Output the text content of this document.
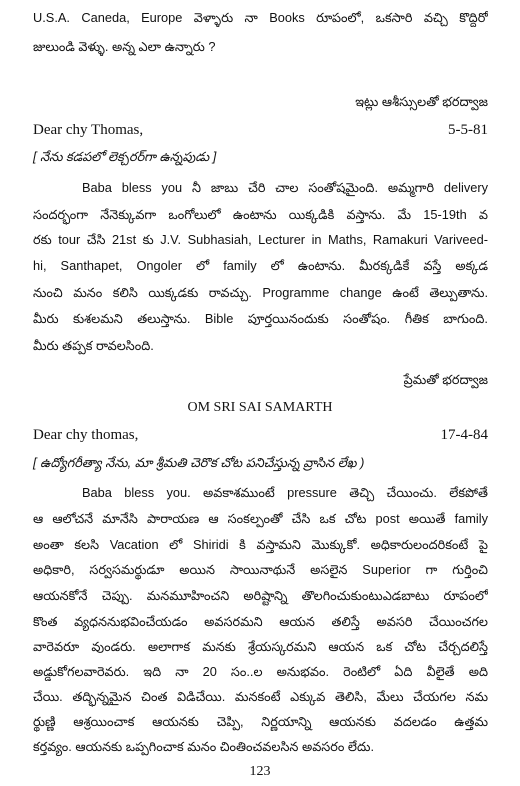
U.S.A. Caneda, Europe వెళ్ళారు నా Books రూపంలో, ఒకసారి వచ్చి కొద్దిరో
జులుండి వెళ్ళు. అన్న ఎలా ఉన్నారు ?
ఇట్లు ఆశీస్సులతో భరద్వాజ
Dear chy Thomas,	5-5-81
[ నేను కడపలో లెక్చరర్‌గా ఉన్నపుడు ]
Baba bless you నీ జాబు చేరి చాల సంతోషమైంది. అమ్మగారి delivery
సందర్భంగా నేనెక్కువగా ఒంగోలులో ఉంటాను యిక్కడికి వస్తాను. మే 15-19th వ
రకు tour చేసి 21st కు J.V. Subhasiah, Lecturer in Maths, Ramakuri Variveed-
hi, Santhapet, Ongoler లో family లో ఉంటాను. మీరక్కడికే వస్తే అక్కడ
నుంచి మనం కలిసి యిక్కడకు రావచ్చు. Programme change ఉంటే తెల్పుతాను.
మీరు కుశలమని తలుస్తాను. Bible పూర్తయినందుకు సంతోషం. గీతిక బాగుంది.
మీరు తప్పక రావలసింది.
ప్రేమతో భరద్వాజ
OM SRI SAI SAMARTH
Dear chy thomas,	17-4-84
[ ఉద్యోగరీత్యా నేను, మా శ్రీమతి చెరొక చోట పనిచేస్తున్న వ్రాసిన లేఖ )
Baba bless you. అవకాశముంటే pressure తెచ్చి చేయించు. లేకపోతే
ఆ ఆలోచనే మానేసి పారాయణ ఆ సంకల్పంతో చేసి ఒక చోట post అయితే family
అంతా కలసి Vacation లో Shiridi కి వస్తామని మొక్కుకో. అధికారులందరికంటే పై
అధికారి, సర్వసమర్థుడూ అయిన సాయినాథునే అసలైన Superior గా గుర్తించి
ఆయనకోనే చెప్పు. మనమూహించని అరిష్టాన్ని తొలగించుకుంటుఎడబాటు రూపంలో
కొంత వ్యధననుభవించేయడం అవసరమని ఆయన తలిస్తే అవసరి చేయించగల
వారెవరూ వుండరు. అలాగాక మనకు శ్రేయస్కరమని ఆయన ఒక చోట చేర్చదలిస్తే
అడ్డుకోగలవారెవరు. ఇది నా 20 సం..ల అనుభవం. రెంటిలో ఏది వీలైతే అది
చేయి. తద్భిన్నమైన చింత విడిచేయి. మనకంటే ఎక్కువ తెలిసి, మేలు చేయగల నమ
ర్థుణ్ణి ఆశ్రయించాక ఆయనకు చెప్పి, నిర్ణయాన్ని ఆయనకు వదలడం ఉత్తమ
123
కర్తవ్యం. ఆయనకు ఒప్పగించాక మనం చింతించవలసిన అవసరం లేదు.
